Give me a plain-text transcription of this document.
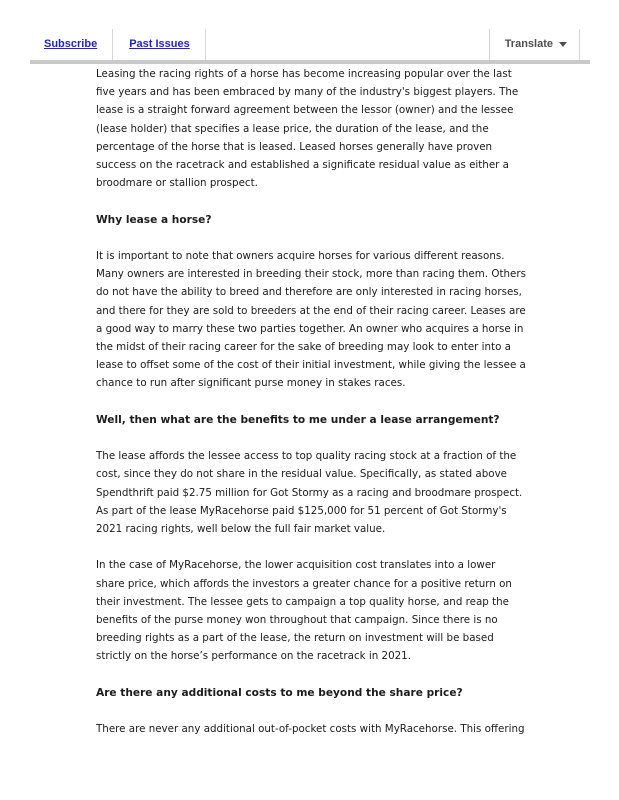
Subscribe	Past Issues	Translate

Leasing the racing rights of a horse has become increasing popular over the last five years and has been embraced by many of the industry's biggest players. The lease is a straight forward agreement between the lessor (owner) and the lessee (lease holder) that specifies a lease price, the duration of the lease, and the percentage of the horse that is leased. Leased horses generally have proven success on the racetrack and established a significate residual value as either a broodmare or stallion prospect.

Why lease a horse?

It is important to note that owners acquire horses for various different reasons. Many owners are interested in breeding their stock, more than racing them. Others do not have the ability to breed and therefore are only interested in racing horses, and there for they are sold to breeders at the end of their racing career. Leases are a good way to marry these two parties together. An owner who acquires a horse in the midst of their racing career for the sake of breeding may look to enter into a lease to offset some of the cost of their initial investment, while giving the lessee a chance to run after significant purse money in stakes races.

Well, then what are the benefits to me under a lease arrangement?

The lease affords the lessee access to top quality racing stock at a fraction of the cost, since they do not share in the residual value. Specifically, as stated above Spendthrift paid $2.75 million for Got Stormy as a racing and broodmare prospect. As part of the lease MyRacehorse paid $125,000 for 51 percent of Got Stormy's 2021 racing rights, well below the full fair market value.

In the case of MyRacehorse, the lower acquisition cost translates into a lower share price, which affords the investors a greater chance for a positive return on their investment. The lessee gets to campaign a top quality horse, and reap the benefits of the purse money won throughout that campaign. Since there is no breeding rights as a part of the lease, the return on investment will be based strictly on the horse’s performance on the racetrack in 2021.

Are there any additional costs to me beyond the share price?

There are never any additional out-of-pocket costs with MyRacehorse. This offering
